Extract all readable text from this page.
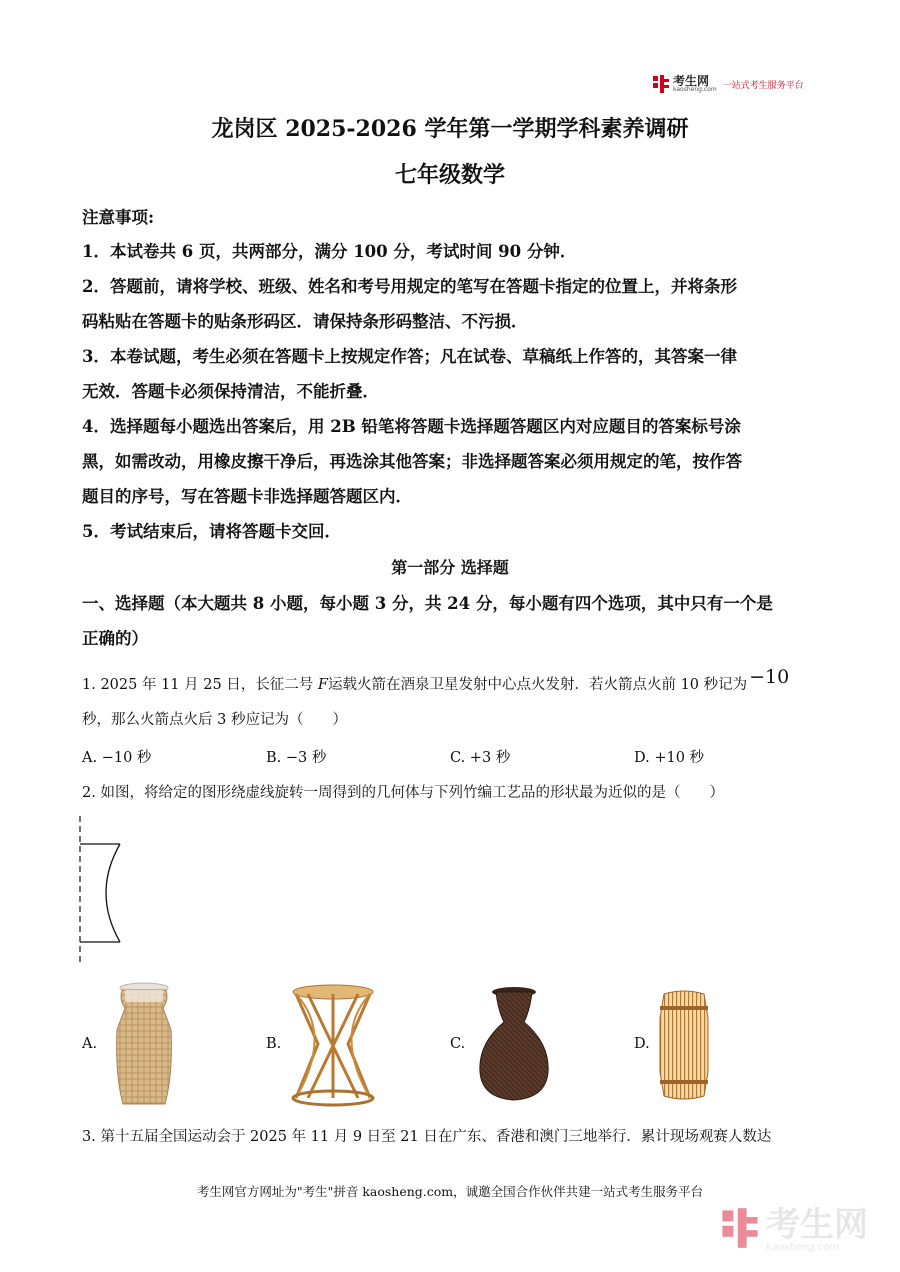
考生网
kaosheng.com 一站式考生服务平台
龙岗区 2025-2026 学年第一学期学科素养调研
七年级数学
注意事项:
1．本试卷共 6 页，共两部分，满分 100 分，考试时间 90 分钟．
2．答题前，请将学校、班级、姓名和考号用规定的笔写在答题卡指定的位置上，并将条形
码粘贴在答题卡的贴条形码区．请保持条形码整洁、不污损．
3．本卷试题，考生必须在答题卡上按规定作答；凡在试卷、草稿纸上作答的，其答案一律
无效．答题卡必须保持清洁，不能折叠．
4．选择题每小题选出答案后，用 2B 铅笔将答题卡选择题答题区内对应题目的答案标号涂
黑，如需改动，用橡皮擦干净后，再选涂其他答案；非选择题答案必须用规定的笔，按作答
题目的序号，写在答题卡非选择题答题区内．
5．考试结束后，请将答题卡交回．
第一部分 选择题
一、选择题（本大题共 8 小题，每小题 3 分，共 24 分，每小题有四个选项，其中只有一个是
正确的）
1. 2025 年 11 月 25 日，长征二号 F运载火箭在酒泉卫星发射中心点火发射．若火箭点火前 10 秒记为 −10
秒，那么火箭点火后 3 秒应记为（　　）
A. −10 秒	B. −3 秒	C. +3 秒	D. +10 秒
2. 如图，将给定的图形绕虚线旋转一周得到的几何体与下列竹编工艺品的形状最为近似的是（　　）
A.	B.	C.	D.
3. 第十五届全国运动会于 2025 年 11 月 9 日至 21 日在广东、香港和澳门三地举行．累计现场观赛人数达
考生网官方网址为"考生"拼音 kaosheng.com，诚邀全国合作伙伴共建一站式考生服务平台
考生网
kaosheng.com
